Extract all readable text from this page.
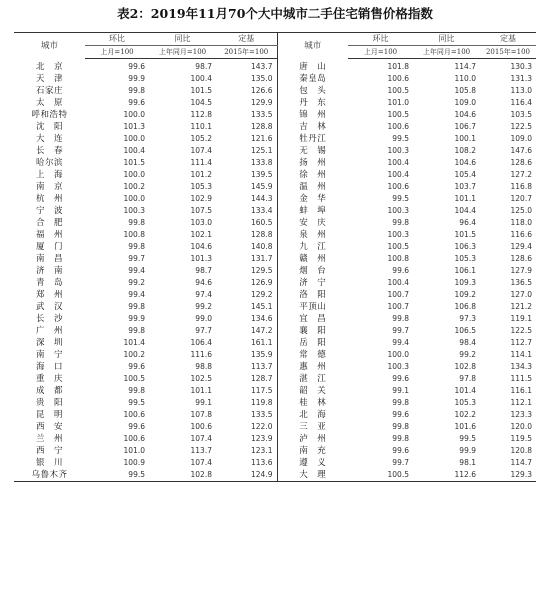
表2：2019年11月70个大中城市二手住宅销售价格指数
城市	环比	同比	定基	城市	环比	同比	定基
	上月=100	上年同月=100	2015年=100		上月=100	上年同月=100	2015年=100
北　京	99.6	98.7	143.7	唐　山	101.8	114.7	130.3
天　津	99.9	100.4	135.0	秦皇岛	100.6	110.0	131.3
石家庄	99.8	101.5	126.6	包　头	100.5	105.8	113.0
太　原	99.6	104.5	129.9	丹　东	101.0	109.0	116.4
呼和浩特	100.0	112.8	133.5	锦　州	100.5	104.6	103.5
沈　阳	101.3	110.1	128.8	吉　林	100.6	106.7	122.5
大　连	100.0	105.2	121.6	牡丹江	99.5	100.1	109.0
长　春	100.4	107.4	125.1	无　锡	100.3	108.2	147.6
哈尔滨	101.5	111.4	133.8	扬　州	100.4	104.6	128.6
上　海	100.0	101.2	139.5	徐　州	100.4	105.4	127.2
南　京	100.2	105.3	145.9	温　州	100.6	103.7	116.8
杭　州	100.0	102.9	144.3	金　华	99.5	101.1	120.7
宁　波	100.3	107.5	133.4	蚌　埠	100.3	104.4	125.0
合　肥	99.8	103.0	160.5	安　庆	99.8	96.4	118.0
福　州	100.8	102.1	128.8	泉　州	100.3	101.5	116.6
厦　门	99.8	104.6	140.8	九　江	100.5	106.3	129.4
南　昌	99.7	101.3	131.7	赣　州	100.8	105.3	128.6
济　南	99.4	98.7	129.5	烟　台	99.6	106.1	127.9
青　岛	99.2	94.6	126.9	济　宁	100.4	109.3	136.5
郑　州	99.4	97.4	129.2	洛　阳	100.7	109.2	127.0
武　汉	99.8	99.2	145.1	平顶山	100.7	106.8	121.2
长　沙	99.9	99.0	134.6	宜　昌	99.8	97.3	119.1
广　州	99.8	97.7	147.2	襄　阳	99.7	106.5	122.5
深　圳	101.4	106.4	161.1	岳　阳	99.4	98.4	112.7
南　宁	100.2	111.6	135.9	常　德	100.0	99.2	114.1
海　口	99.6	98.8	113.7	惠　州	100.3	102.8	134.3
重　庆	100.5	102.5	128.7	湛　江	99.6	97.8	111.5
成　都	99.8	101.1	117.5	韶　关	99.1	101.4	116.1
贵　阳	99.5	99.1	119.8	桂　林	99.8	105.3	112.1
昆　明	100.6	107.8	133.5	北　海	99.6	102.2	123.3
西　安	99.6	100.6	122.0	三　亚	99.8	101.6	120.0
兰　州	100.6	107.4	123.9	泸　州	99.8	99.5	119.5
西　宁	101.0	113.7	123.1	南　充	99.6	99.9	120.8
银　川	100.9	107.4	113.6	遵　义	99.7	98.1	114.7
乌鲁木齐	99.5	102.8	124.9	大　理	100.5	112.6	129.3
